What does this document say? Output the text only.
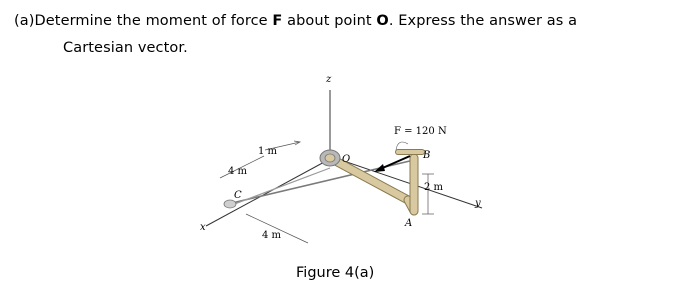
(a)Determine the moment of force F about point O. Express the answer as a
Cartesian vector.
z
x
y
O
A
B
C
F = 120 N
1 m
4 m
4 m
2 m
Figure 4(a)
